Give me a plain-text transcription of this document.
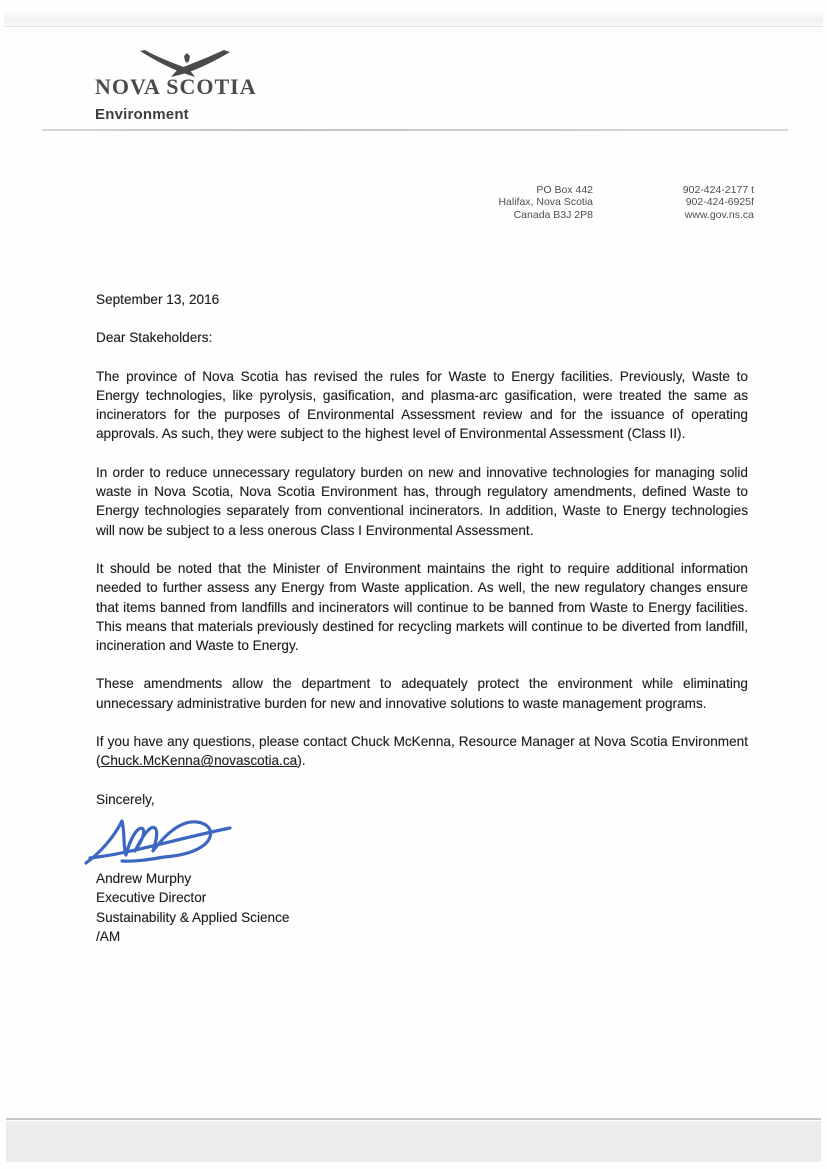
NOVA SCOTIA
Environment
PO Box 442
Halifax, Nova Scotia
Canada B3J 2P8
902-424-2177 t
902-424-6925f
www.gov.ns.ca

September 13, 2016

Dear Stakeholders:

The province of Nova Scotia has revised the rules for Waste to Energy facilities. Previously, Waste to Energy technologies, like pyrolysis, gasification, and plasma-arc gasification, were treated the same as incinerators for the purposes of Environmental Assessment review and for the issuance of operating approvals. As such, they were subject to the highest level of Environmental Assessment (Class II).

In order to reduce unnecessary regulatory burden on new and innovative technologies for managing solid waste in Nova Scotia, Nova Scotia Environment has, through regulatory amendments, defined Waste to Energy technologies separately from conventional incinerators. In addition, Waste to Energy technologies will now be subject to a less onerous Class I Environmental Assessment.

It should be noted that the Minister of Environment maintains the right to require additional information needed to further assess any Energy from Waste application. As well, the new regulatory changes ensure that items banned from landfills and incinerators will continue to be banned from Waste to Energy facilities. This means that materials previously destined for recycling markets will continue to be diverted from landfill, incineration and Waste to Energy.

These amendments allow the department to adequately protect the environment while eliminating unnecessary administrative burden for new and innovative solutions to waste management programs.

If you have any questions, please contact Chuck McKenna, Resource Manager at Nova Scotia Environment (Chuck.McKenna@novascotia.ca).

Sincerely,

Andrew Murphy

Executive Director

Sustainability & Applied Science

/AM
